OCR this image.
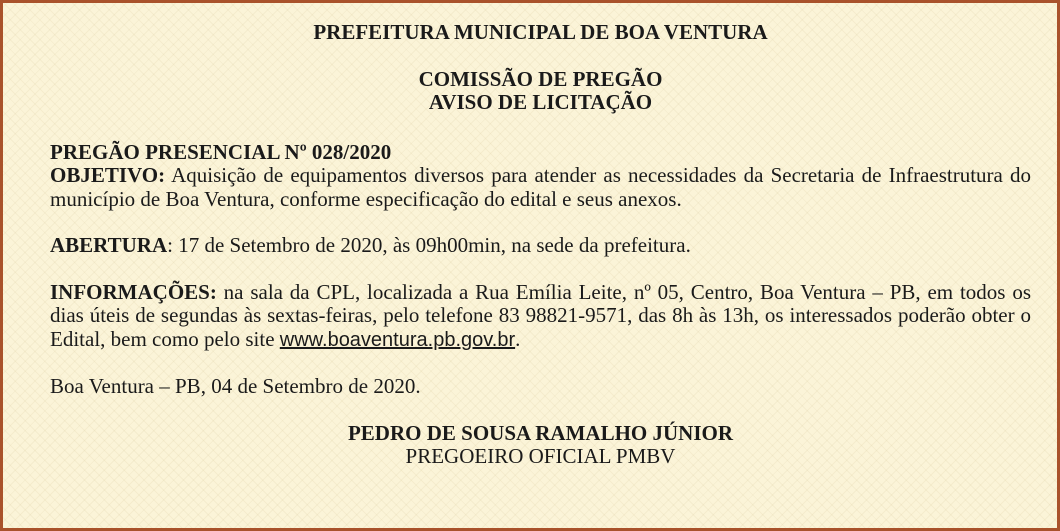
PREFEITURA MUNICIPAL DE BOA VENTURA

COMISSÃO DE PREGÃO

AVISO DE LICITAÇÃO

PREGÃO PRESENCIAL Nº 028/2020

OBJETIVO: Aquisição de equipamentos diversos para atender as necessidades da Secretaria de Infraestrutura do município de Boa Ventura, conforme especificação do edital e seus anexos.

ABERTURA: 17 de Setembro de 2020, às 09h00min, na sede da prefeitura.

INFORMAÇÕES: na sala da CPL, localizada a Rua Emília Leite, nº 05, Centro, Boa Ventura – PB, em todos os dias úteis de segundas às sextas-feiras, pelo telefone 83 98821-9571, das 8h às 13h, os interessados poderão obter o Edital, bem como pelo site www.boaventura.pb.gov.br.

Boa Ventura – PB, 04 de Setembro de 2020.

PEDRO DE SOUSA RAMALHO JÚNIOR

PREGOEIRO OFICIAL PMBV
